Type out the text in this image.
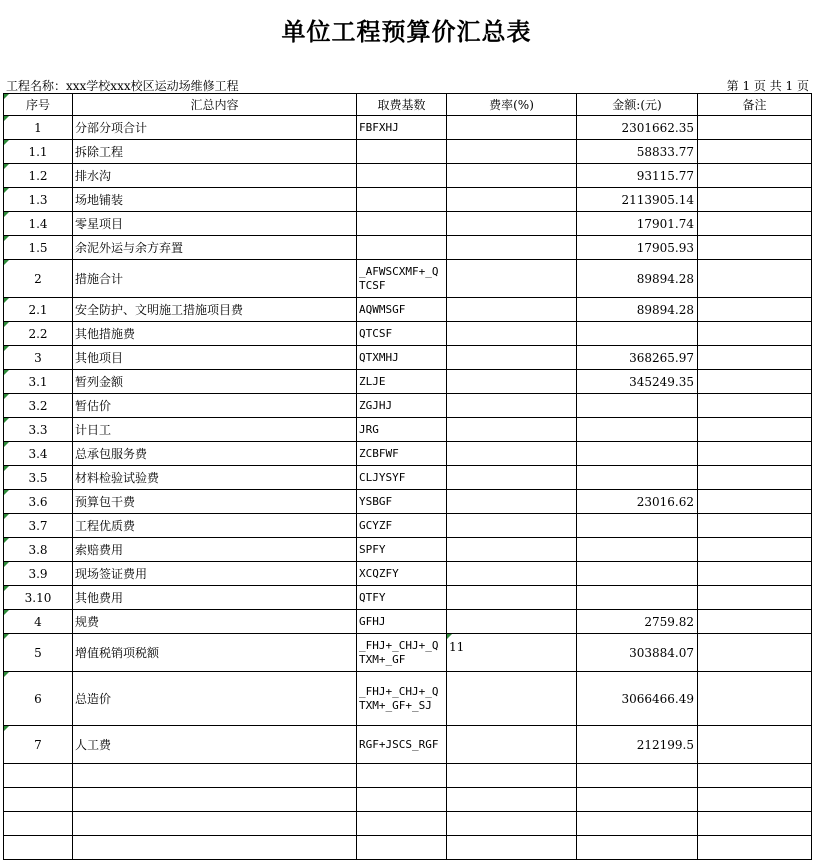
单位工程预算价汇总表
工程名称：xxx学校xxx校区运动场维修工程	第 1 页 共 1 页
序号	汇总内容	取费基数	费率(%)	金额:(元)	备注
1	分部分项合计	FBFXHJ		2301662.35	
1.1	拆除工程			58833.77	
1.2	排水沟			93115.77	
1.3	场地铺装			2113905.14	
1.4	零星项目			17901.74	
1.5	余泥外运与余方弃置			17905.93	
2	措施合计	_AFWSCXMF+_QTCSF		89894.28	
2.1	安全防护、文明施工措施项目费	AQWMSGF		89894.28	
2.2	其他措施费	QTCSF			
3	其他项目	QTXMHJ		368265.97	
3.1	暂列金额	ZLJE		345249.35	
3.2	暂估价	ZGJHJ			
3.3	计日工	JRG			
3.4	总承包服务费	ZCBFWF			
3.5	材料检验试验费	CLJYSYF			
3.6	预算包干费	YSBGF		23016.62	
3.7	工程优质费	GCYZF			
3.8	索赔费用	SPFY			
3.9	现场签证费用	XCQZFY			
3.10	其他费用	QTFY			
4	规费	GFHJ		2759.82	
5	增值税销项税额	_FHJ+_CHJ+_QTXM+_GF	11	303884.07	
6	总造价	_FHJ+_CHJ+_QTXM+_GF+_SJ		3066466.49	
7	人工费	RGF+JSCS_RGF		212199.5	
